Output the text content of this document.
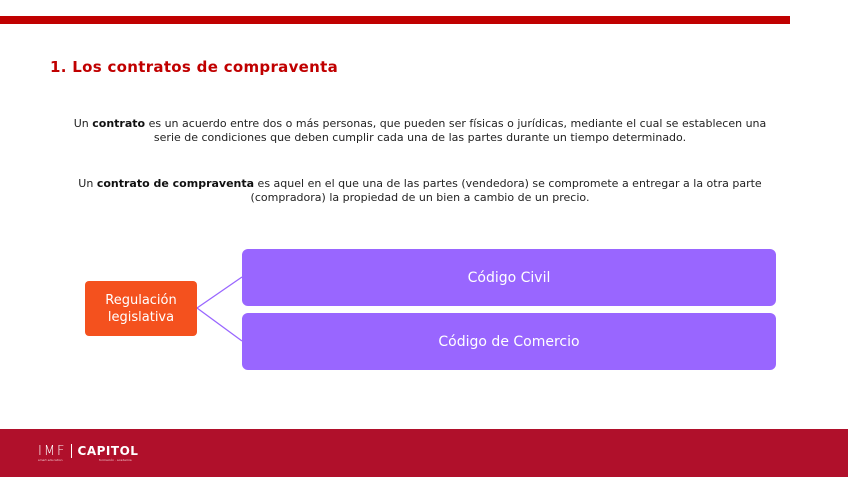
1. Los contratos de compraventa
Un contrato es un acuerdo entre dos o más personas, que pueden ser físicas o jurídicas, mediante el cual se establecen una serie de condiciones que deben cumplir cada una de las partes durante un tiempo determinado.
Un contrato de compraventa es aquel en el que una de las partes (vendedora) se compromete a entregar a la otra parte (compradora) la propiedad de un bien a cambio de un precio.
Regulación legislativa
Código Civil
Código de Comercio
IMF CAPITOL
smart education	formación · academia
